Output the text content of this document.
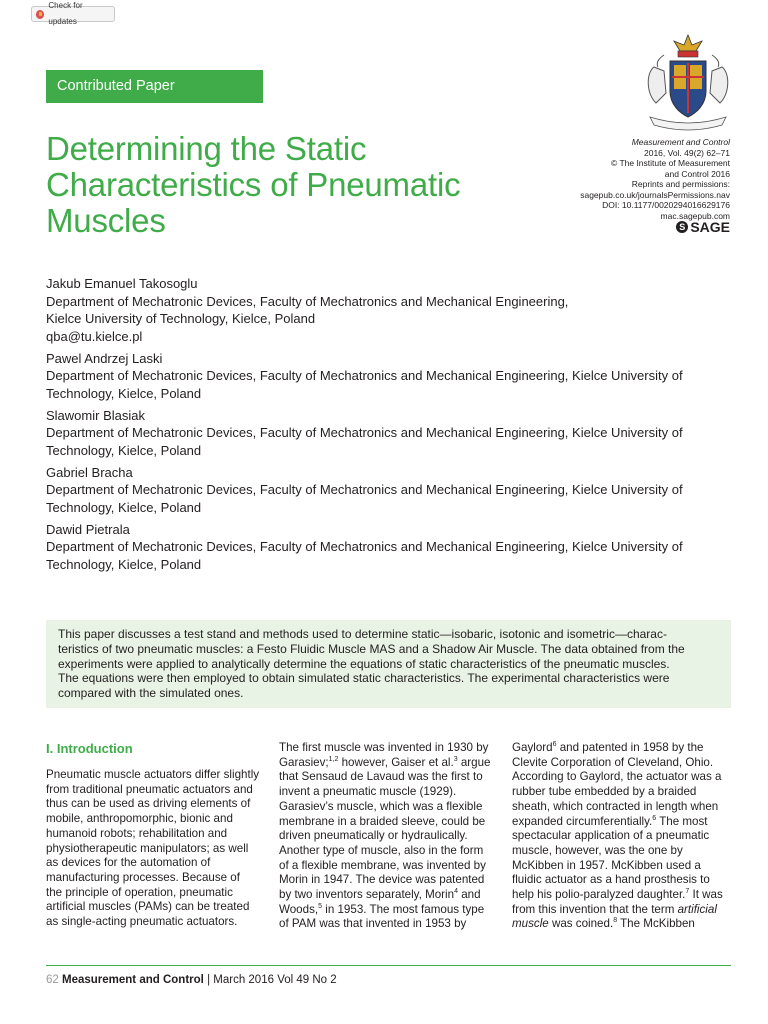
Check for updates
Contributed Paper
Determining the Static
Characteristics of Pneumatic
Muscles
Measurement and Control
2016, Vol. 49(2) 62–71
© The Institute of Measurement
and Control 2016
Reprints and permissions:
sagepub.co.uk/journalsPermissions.nav
DOI: 10.1177/0020294016629176
mac.sagepub.com
S SAGE
Jakub Emanuel Takosoglu
Department of Mechatronic Devices, Faculty of Mechatronics and Mechanical Engineering,
Kielce University of Technology, Kielce, Poland
qba@tu.kielce.pl
Pawel Andrzej Laski
Department of Mechatronic Devices, Faculty of Mechatronics and Mechanical Engineering, Kielce University of
Technology, Kielce, Poland
Slawomir Blasiak
Department of Mechatronic Devices, Faculty of Mechatronics and Mechanical Engineering, Kielce University of
Technology, Kielce, Poland
Gabriel Bracha
Department of Mechatronic Devices, Faculty of Mechatronics and Mechanical Engineering, Kielce University of
Technology, Kielce, Poland
Dawid Pietrala
Department of Mechatronic Devices, Faculty of Mechatronics and Mechanical Engineering, Kielce University of
Technology, Kielce, Poland
This paper discusses a test stand and methods used to determine static—isobaric, isotonic and isometric—charac-
teristics of two pneumatic muscles: a Festo Fluidic Muscle MAS and a Shadow Air Muscle. The data obtained from the
experiments were applied to analytically determine the equations of static characteristics of the pneumatic muscles.
The equations were then employed to obtain simulated static characteristics. The experimental characteristics were
compared with the simulated ones.
I. Introduction
Pneumatic muscle actuators differ slightly
from traditional pneumatic actuators and
thus can be used as driving elements of
mobile, anthropomorphic, bionic and
humanoid robots; rehabilitation and
physiotherapeutic manipulators; as well
as devices for the automation of
manufacturing processes. Because of
the principle of operation, pneumatic
artificial muscles (PAMs) can be treated
as single-acting pneumatic actuators.
The first muscle was invented in 1930 by
Garasiev;$^{1,2}$ however, Gaiser et al.$^3$ argue
that Sensaud de Lavaud was the first to
invent a pneumatic muscle (1929).
Garasiev’s muscle, which was a flexible
membrane in a braided sleeve, could be
driven pneumatically or hydraulically.
Another type of muscle, also in the form
of a flexible membrane, was invented by
Morin in 1947. The device was patented
by two inventors separately, Morin$^4$ and
Woods,$^5$ in 1953. The most famous type
of PAM was that invented in 1953 by
Gaylord$^6$ and patented in 1958 by the
Clevite Corporation of Cleveland, Ohio.
According to Gaylord, the actuator was a
rubber tube embedded by a braided
sheath, which contracted in length when
expanded circumferentially.$^6$ The most
spectacular application of a pneumatic
muscle, however, was the one by
McKibben in 1957. McKibben used a
fluidic actuator as a hand prosthesis to
help his polio-paralyzed daughter.$^7$ It was
from this invention that the term artificial
muscle was coined.$^8$ The McKibben
62 Measurement and Control | March 2016 Vol 49 No 2
